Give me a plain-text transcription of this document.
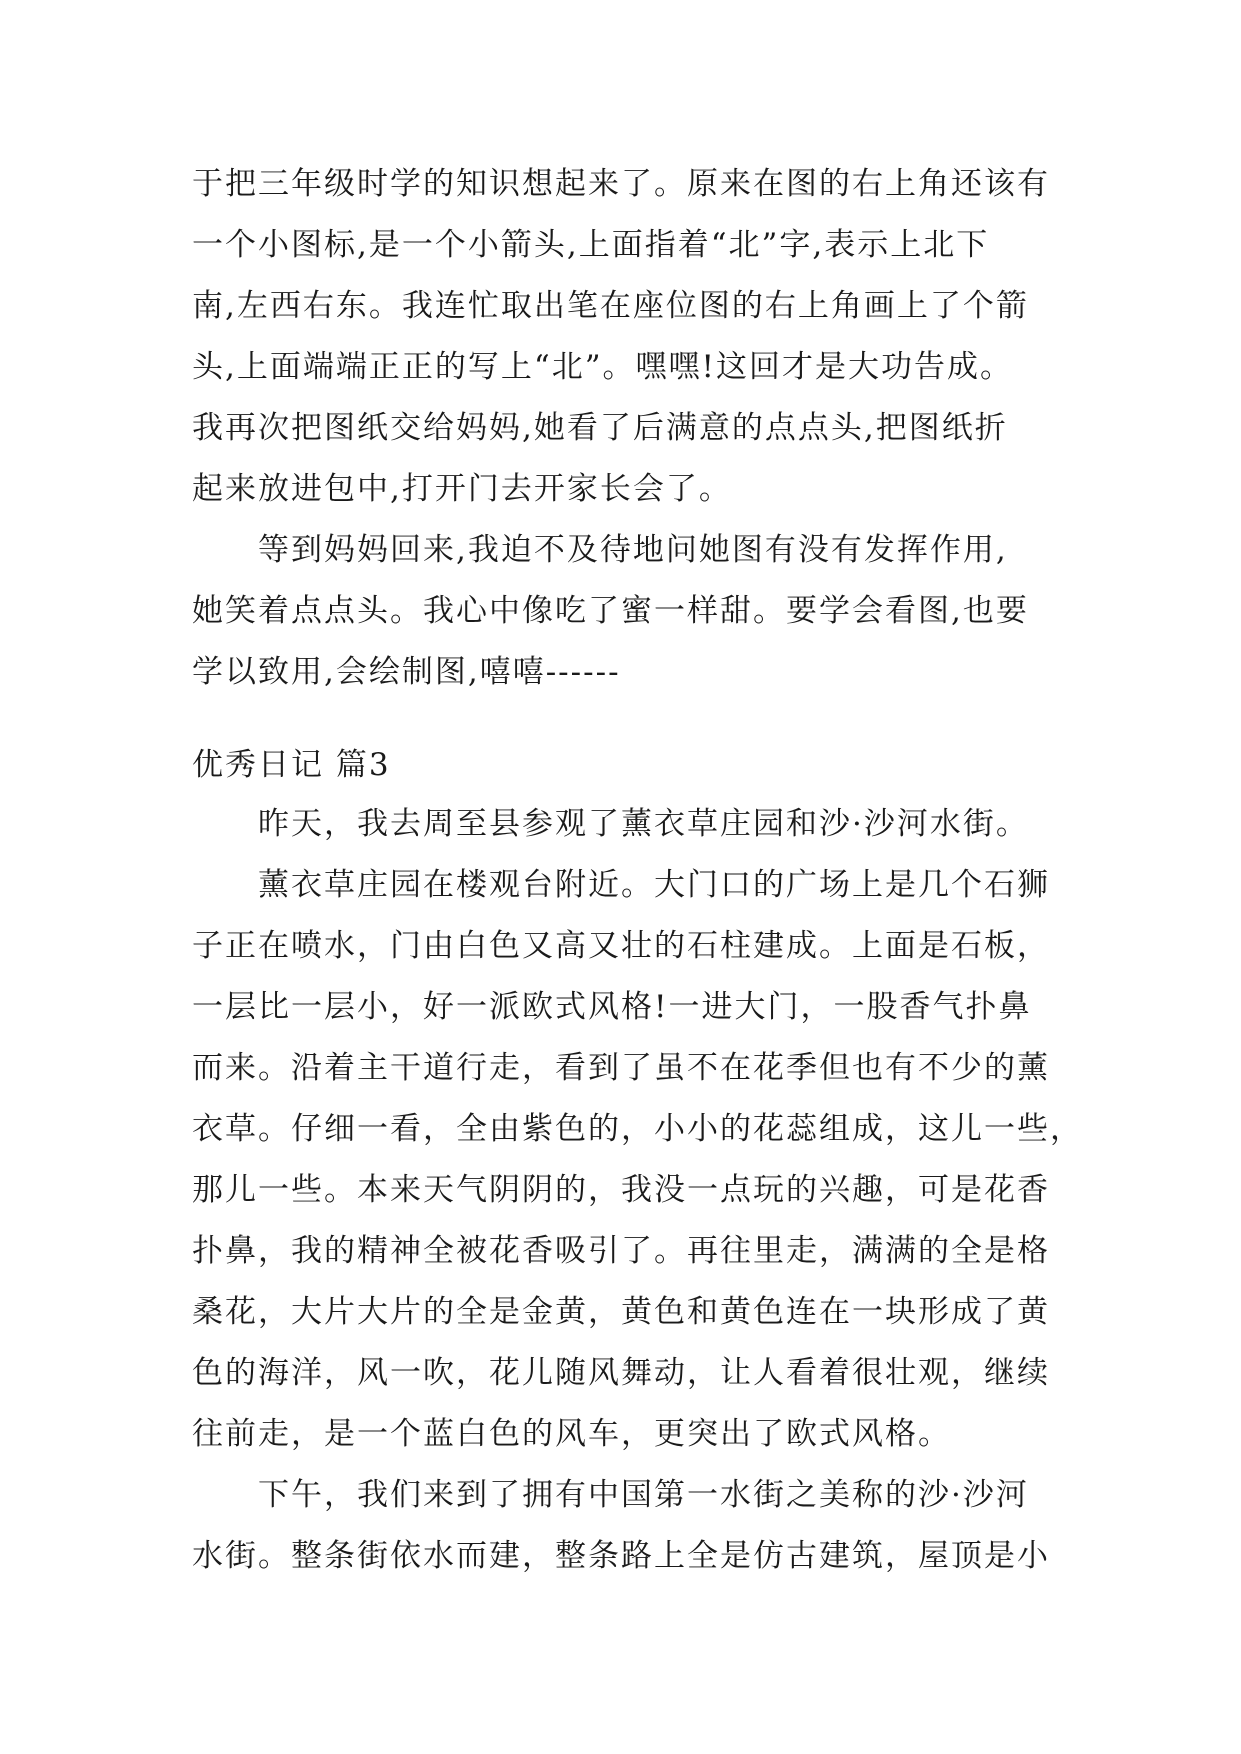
于把三年级时学的知识想起来了。原来在图的右上角还该有
一个小图标,是一个小箭头,上面指着“北”字,表示上北下
南,左西右东。我连忙取出笔在座位图的右上角画上了个箭
头,上面端端正正的写上“北”。嘿嘿!这回才是大功告成。
我再次把图纸交给妈妈,她看了后满意的点点头,把图纸折
起来放进包中,打开门去开家长会了。
等到妈妈回来,我迫不及待地问她图有没有发挥作用,
她笑着点点头。我心中像吃了蜜一样甜。要学会看图,也要
学以致用,会绘制图,嘻嘻------
优秀日记 篇3
昨天，我去周至县参观了薰衣草庄园和沙·沙河水街。
薰衣草庄园在楼观台附近。大门口的广场上是几个石狮
子正在喷水，门由白色又高又壮的石柱建成。上面是石板，
一层比一层小，好一派欧式风格!一进大门，一股香气扑鼻
而来。沿着主干道行走，看到了虽不在花季但也有不少的薰
衣草。仔细一看，全由紫色的，小小的花蕊组成，这儿一些，
那儿一些。本来天气阴阴的，我没一点玩的兴趣，可是花香
扑鼻，我的精神全被花香吸引了。再往里走，满满的全是格
桑花，大片大片的全是金黄，黄色和黄色连在一块形成了黄
色的海洋，风一吹，花儿随风舞动，让人看着很壮观，继续
往前走，是一个蓝白色的风车，更突出了欧式风格。
下午，我们来到了拥有中国第一水街之美称的沙·沙河
水街。整条街依水而建，整条路上全是仿古建筑，屋顶是小
